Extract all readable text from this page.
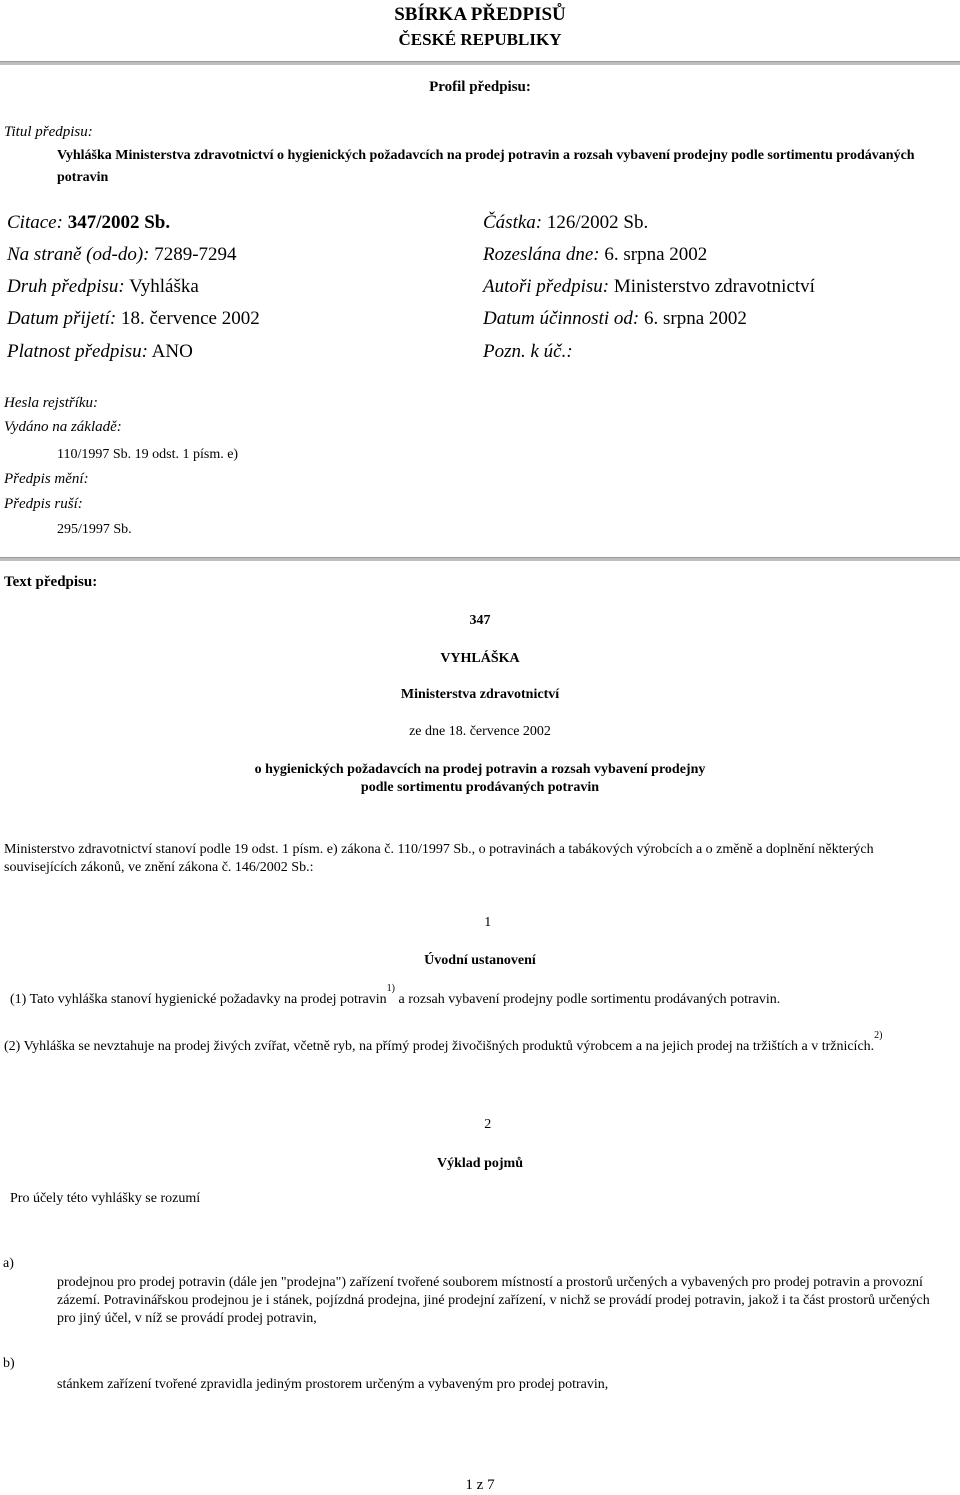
SBÍRKA PŘEDPISŮ
ČESKÉ REPUBLIKY
Profil předpisu:
Titul předpisu:
Vyhláška Ministerstva zdravotnictví o hygienických požadavcích na prodej potravin a rozsah vybavení prodejny podle sortimentu prodávaných potravin
Citace: 347/2002 Sb.
Na straně (od-do): 7289-7294
Druh předpisu: Vyhláška
Datum přijetí: 18. července 2002
Platnost předpisu: ANO
Částka: 126/2002 Sb.
Rozeslána dne: 6. srpna 2002
Autoři předpisu: Ministerstvo zdravotnictví
Datum účinnosti od: 6. srpna 2002
Pozn. k úč.:
Hesla rejstříku:
Vydáno na základě:
110/1997 Sb. 19 odst. 1 písm. e)
Předpis mění:
Předpis ruší:
295/1997 Sb.
Text předpisu:
347
VYHLÁŠKA
Ministerstva zdravotnictví
ze dne 18. července 2002
o hygienických požadavcích na prodej potravin a rozsah vybavení prodejny
podle sortimentu prodávaných potravin
Ministerstvo zdravotnictví stanoví podle 19 odst. 1 písm. e) zákona č. 110/1997 Sb., o potravinách a tabákových výrobcích a o změně a doplnění některých souvisejících zákonů, ve znění zákona č. 146/2002 Sb.:
1
Úvodní ustanovení
(1) Tato vyhláška stanoví hygienické požadavky na prodej potravin$^{1)}$ a rozsah vybavení prodejny podle sortimentu prodávaných potravin.
(2) Vyhláška se nevztahuje na prodej živých zvířat, včetně ryb, na přímý prodej živočišných produktů výrobcem a na jejich prodej na tržištích a v tržnicích.$^{2)}$
2
Výklad pojmů
Pro účely této vyhlášky se rozumí
a)
prodejnou pro prodej potravin (dále jen "prodejna") zařízení tvořené souborem místností a prostorů určených a vybavených pro prodej potravin a provozní zázemí. Potravinářskou prodejnou je i stánek, pojízdná prodejna, jiné prodejní zařízení, v nichž se provádí prodej potravin, jakož i ta část prostorů určených pro jiný účel, v níž se provádí prodej potravin,
b)
stánkem zařízení tvořené zpravidla jediným prostorem určeným a vybaveným pro prodej potravin,
1 z 7
